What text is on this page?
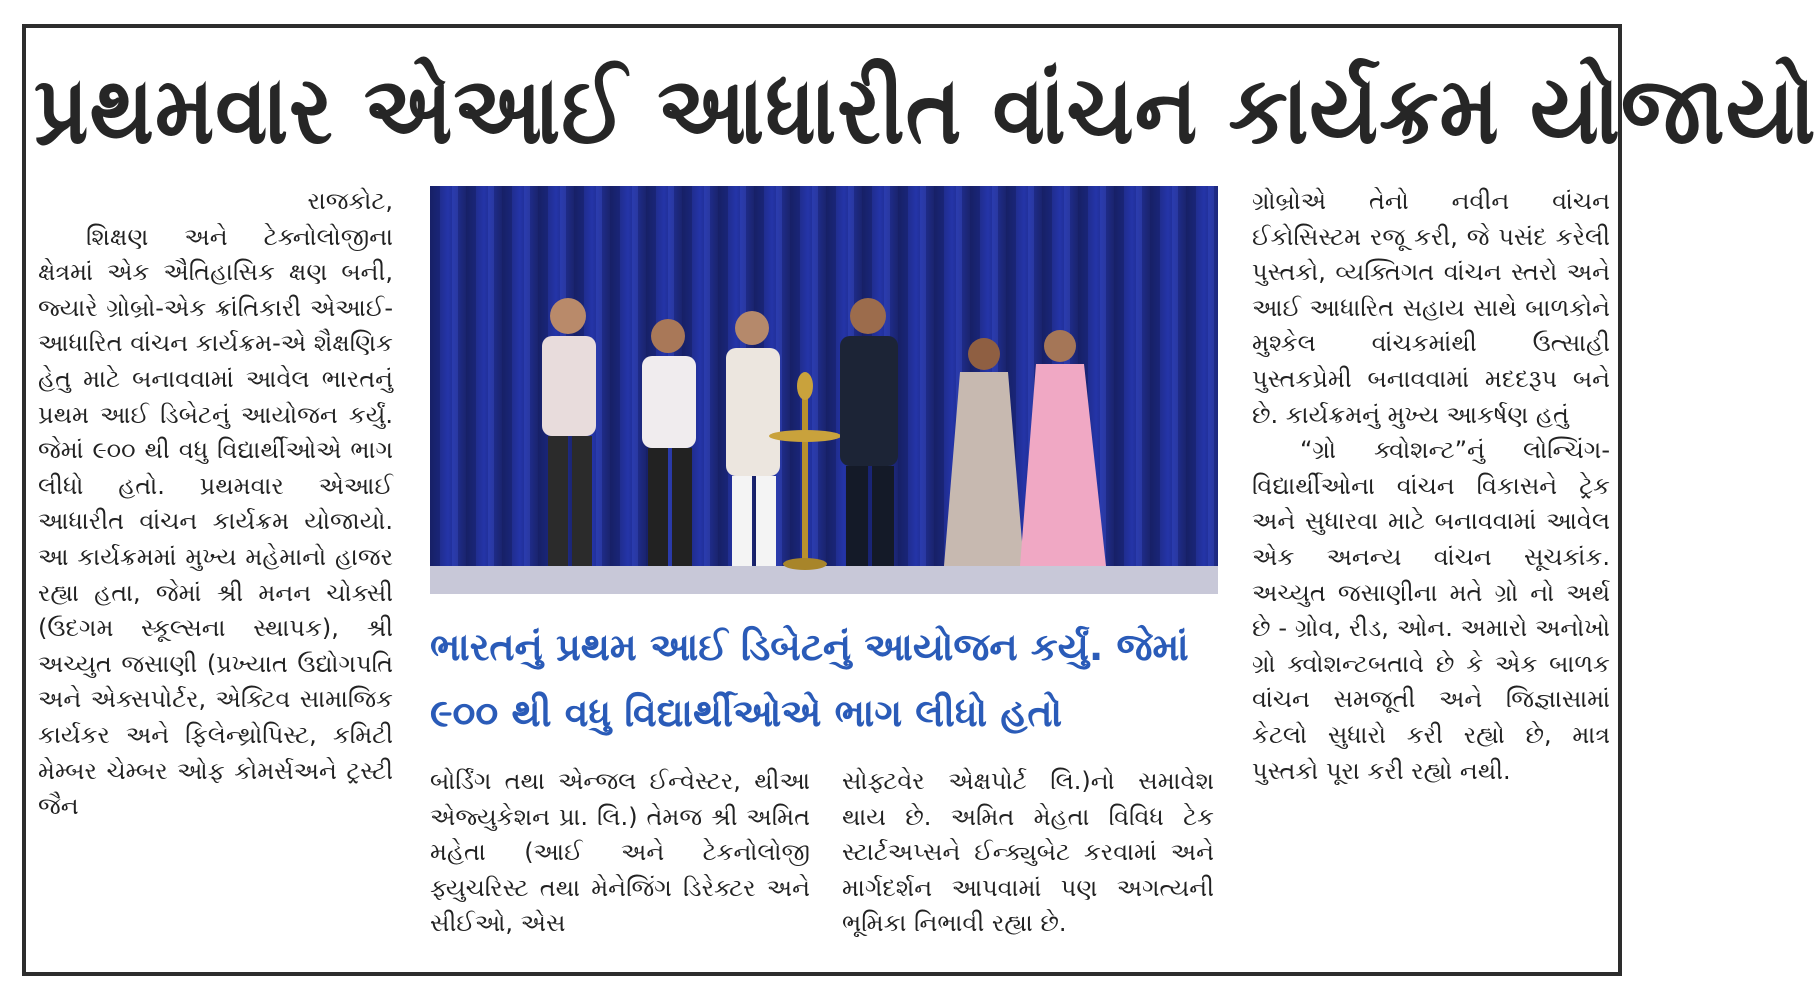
પ્રથમવાર એઆઈ આધારીત વાંચન કાર્યક્રમ યોજાયો

રાજકોટ,

શિક્ષણ અને ટેક્નોલોજીના ક્ષેત્રમાં એક ઐતિહાસિક ક્ષણ બની, જ્યારે ગ્રોબ્રો-એક ક્રાંતિકારી એઆઈ-આધારિત વાંચન કાર્યક્રમ-એ શૈક્ષણિક હેતુ માટે બનાવવામાં આવેલ ભારતનું પ્રથમ આઈ ડિબેટનું આયોજન કર્યું. જેમાં ૯૦૦ થી વધુ વિદ્યાર્થીઓએ ભાગ લીધો હતો. પ્રથમવાર એઆઈ આધારીત વાંચન કાર્યક્રમ યોજાયો. આ કાર્યક્રમમાં મુખ્ય મહેમાનો હાજર રહ્યા હતા, જેમાં શ્રી મનન ચોક્સી (ઉદગમ સ્કૂલ્સના સ્થાપક), શ્રી અચ્યુત જસાણી (પ્રખ્યાત ઉદ્યોગપતિ અને એક્સપોર્ટર, એક્ટિવ સામાજિક કાર્યકર અને ફિલેન્થ્રોપિસ્ટ, કમિટી મેમ્બર ચેમ્બર ઓફ કોમર્સઅને ટ્રસ્ટી જૈન

ભારતનું પ્રથમ આઈ ડિબેટનું આયોજન કર્યું. જેમાં
૯૦૦ થી વધુ વિદ્યાર્થીઓએ ભાગ લીધો હતો

બોર્ડિંગ તથા એન્જલ ઈન્વેસ્ટર, થીઆ એજ્યુકેશન પ્રા. લિ.) તેમજ શ્રી અમિત મહેતા (આઈ અને ટેકનોલોજી ફ્યુચરિસ્ટ તથા મેનેજિંગ ડિરેક્ટર અને સીઈઓ, એસ

સોફ્ટવેર એક્ષપોર્ટ લિ.)નો સમાવેશ થાય છે. અમિત મેહતા વિવિધ ટેક સ્ટાર્ટઅપ્સને ઈન્ક્યુબેટ કરવામાં અને માર્ગદર્શન આપવામાં પણ અગત્યની ભૂમિકા નિભાવી રહ્યા છે.

ગ્રોબ્રોએ તેનો નવીન વાંચન ઈકોસિસ્ટમ રજૂ કરી, જે પસંદ કરેલી પુસ્તકો, વ્યક્તિગત વાંચન સ્તરો અને આઈ આધારિત સહાય સાથે બાળકોને મુશ્કેલ વાંચકમાંથી ઉત્સાહી પુસ્તકપ્રેમી બનાવવામાં મદદરૂપ બને છે. કાર્યક્રમનું મુખ્ય આકર્ષણ હતું

“ગ્રો ક્વોશન્ટ”નું લોન્ચિંગ-વિદ્યાર્થીઓના વાંચન વિકાસને ટ્રેક અને સુધારવા માટે બનાવવામાં આવેલ એક અનન્ય વાંચન સૂચકાંક. અચ્યુત જસાણીના મતે ગ્રો નો અર્થ છે - ગ્રોવ, રીડ, ઓન. અમારો અનોખો ગ્રો ક્વોશન્ટબતાવે છે કે એક બાળક વાંચન સમજૂતી અને જિજ્ઞાસામાં કેટલો સુધારો કરી રહ્યો છે, માત્ર પુસ્તકો પૂરા કરી રહ્યો નથી.
